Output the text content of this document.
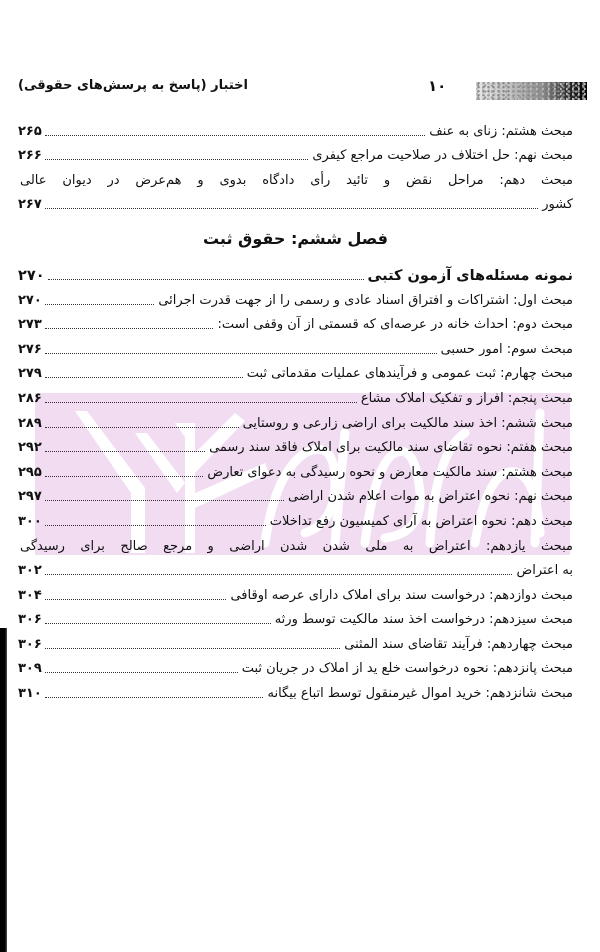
اختبار (پاسخ به پرسش‌های حقوقی)	۱۰
مبحث هشتم: زنای به عنف
۲۶۵
مبحث نهم: حل اختلاف در صلاحیت مراجع کیفری
۲۶۶
مبحث دهم: مراحل نقض و تائید رأی دادگاه بدوی و هم‌عرض در دیوان عالی
کشور
۲۶۷
فصل ششم: حقوق ثبت
نمونه مسئله‌های آزمون کتبی
۲۷۰
مبحث اول: اشتراکات و افتراق اسناد عادی و رسمی را از جهت قدرت اجرائی
۲۷۰
مبحث دوم: احداث خانه در عرصه‌ای که قسمتی از آن وقفی است:
۲۷۳
مبحث سوم: امور حسبی
۲۷۶
مبحث چهارم: ثبت عمومی و فرآیندهای عملیات مقدماتی ثبت
۲۷۹
مبحث پنجم: افراز و تفکیک املاک مشاع
۲۸۶
مبحث ششم: اخذ سند مالکیت برای اراضی زارعی و روستایی
۲۸۹
مبحث هفتم: نحوه تقاضای سند مالکیت برای املاک فاقد سند رسمی
۲۹۲
مبحث هشتم: سند مالکیت معارض و نحوه رسیدگی به دعوای تعارض
۲۹۵
مبحث نهم: نحوه اعتراض به موات اعلام شدن اراضی
۲۹۷
مبحث دهم: نحوه اعتراض به آرای کمیسیون رفع تداخلات
۳۰۰
مبحث یازدهم: اعتراض به ملی شدن شدن اراضی و مرجع صالح برای رسیدگی
به اعتراض
۳۰۲
مبحث دوازدهم: درخواست سند برای املاک دارای عرصه اوقافی
۳۰۴
مبحث سیزدهم: درخواست اخذ سند مالکیت توسط ورثه
۳۰۶
مبحث چهاردهم: فرآیند تقاضای سند المثنی
۳۰۶
مبحث پانزدهم: نحوه درخواست خلع ید از املاک در جریان ثبت
۳۰۹
مبحث شانزدهم: خرید اموال غیرمنقول توسط اتباع بیگانه
۳۱۰
